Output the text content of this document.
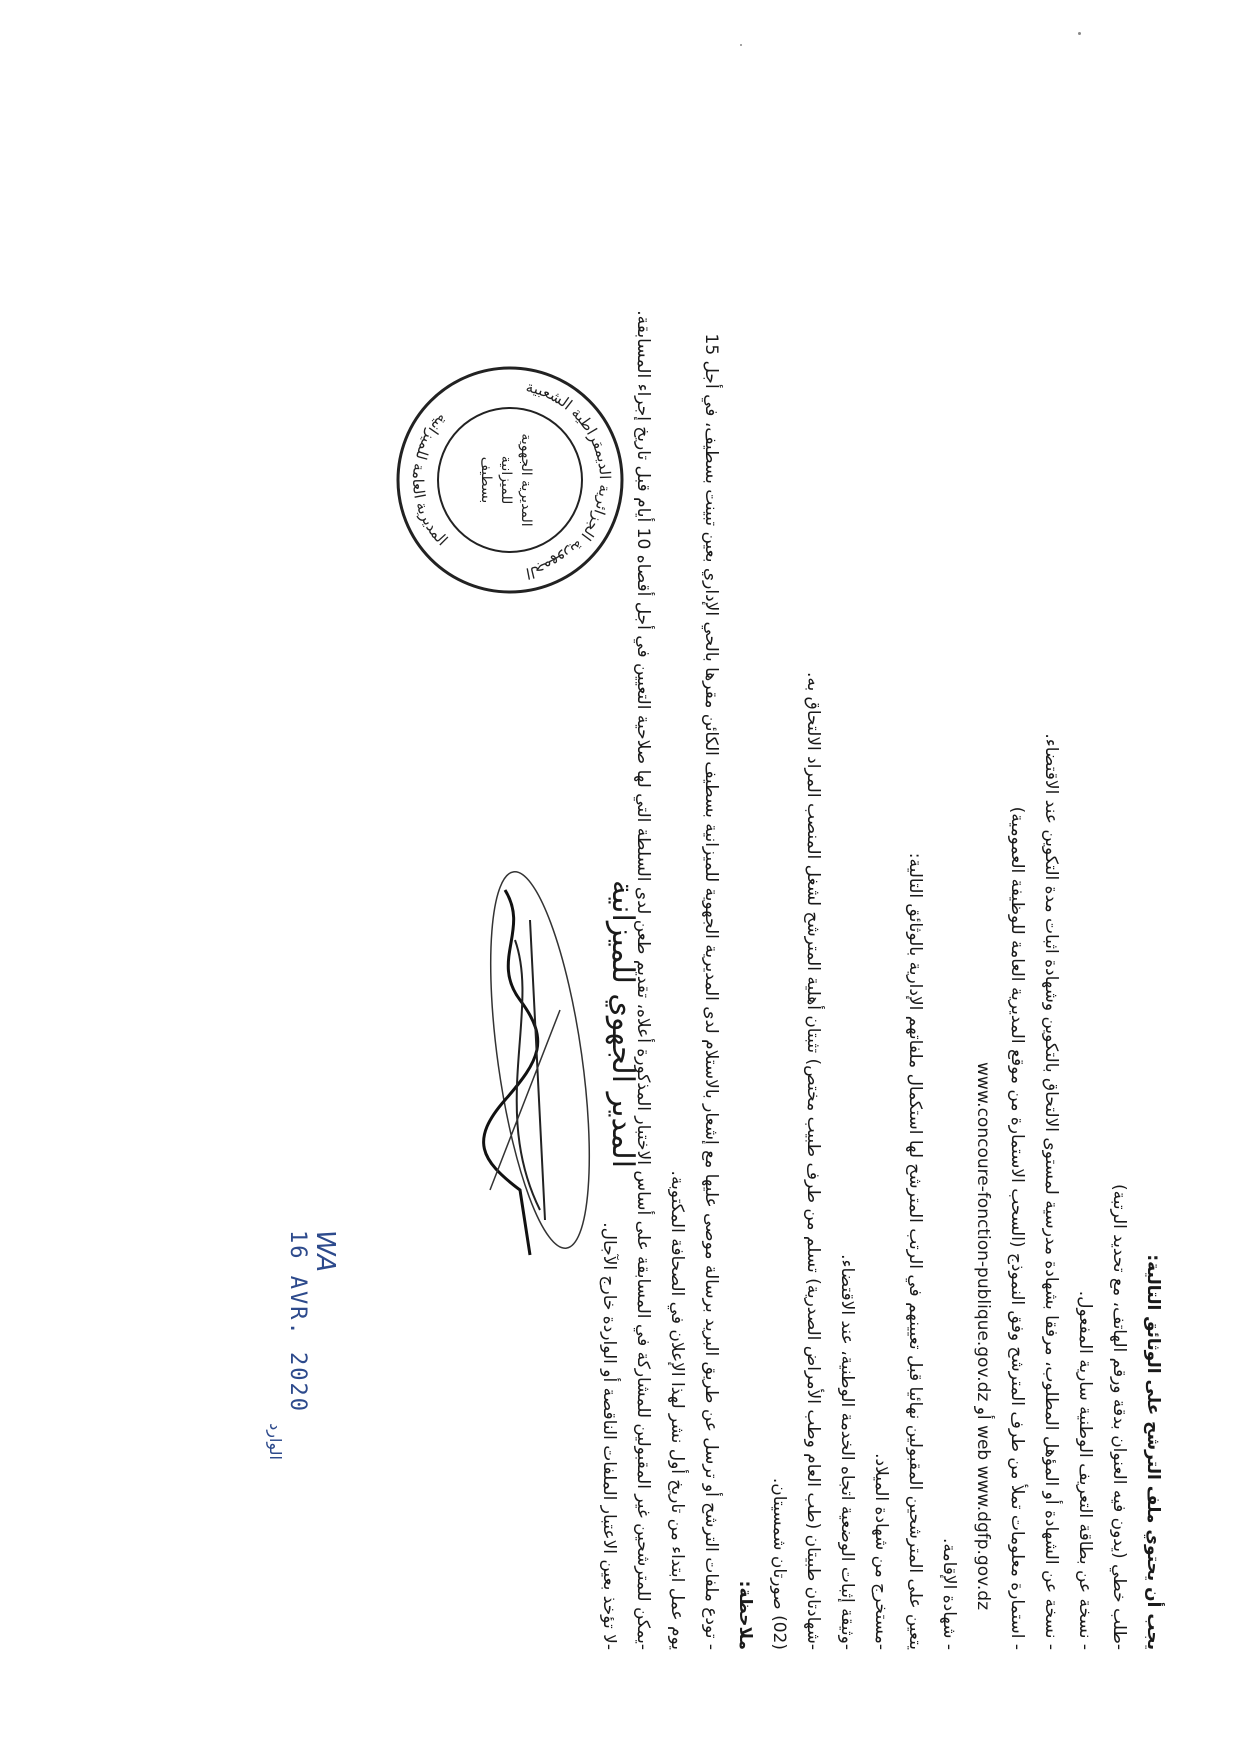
يجب أن يحتوي ملف الترشح على الوثائق التالية:
-طلب خطي (يدون فيه العنوان بدقة ورقم الهاتف، مع تحديد الرتبة)
- نسخة عن بطاقة التعريف الوطنية سارية المفعول.
- نسخة عن الشهادة أو المؤهل المطلوب، مرفقا بشهادة مدرسية لمستوى الالتحاق بالتكوين وشهادة اثبات مدة التكوين عند الاقتضاء.
- استمارة معلومات تملأ من طرف المترشح وفق النموذج (السحب الاستمارة من موقع المديرية العامة للوظيفة العمومية)
web www.dgfp.gov.dz أو www.concoure-fonction-publique.gov.dz
- شهادة الإقامة.
يتعين على المترشحين المقبولين نهائيا قبل تعيينهم في الرتب المترشح لها استكمال ملفاتهم الإدارية بالوثائق التالية:
-مستخرج من شهادة الميلاد.
-وثيقة إثبات الوضعية اتجاه الخدمة الوطنية، عند الاقتضاء.
-شهادتان طبيتان (طب العام وطب الأمراض الصدرية) تسلم من طرف طبيب مختص) تثبتان أهلية المترشح لشغل المنصب المراد الالتحاق به.
(02) صورتان شمسيتان.
ملاحظة:
- تودع ملفات الترشح أو ترسل عن طريق البريد برسالة موصى عليها مع إشعار بالاستلام لدى المديرية الجهوية للميزانية بسطيف الكائن مقرها بالحي الإداري بعين تبينت بسطيف، في أجل 15
يوم عمل ابتداء من تاريخ أول نشر لهذا الإعلان في الصحافة المكتوبة.
-يمكن للمترشحين غير المقبولين للمشاركة في المسابقة على أساس الاختبار المذكورة أعلاه، تقديم طعن لدى السلطة التي لها صلاحية التعيين في أجل أقصاه 10 أيام قبل تاريخ إجراء المسابقة.
-لا تؤخذ بعين الاعتبار الملفات الناقصة أو الواردة خارج الآجال.
المدير الجهوي للميزانية
الجمهورية الجزائرية الديمقراطية الشعبية
المديرية العامة للميزانية
المديرية الجهوية
للميزانية
بسطيف
WA
16 AVR. 2020
الوارد
